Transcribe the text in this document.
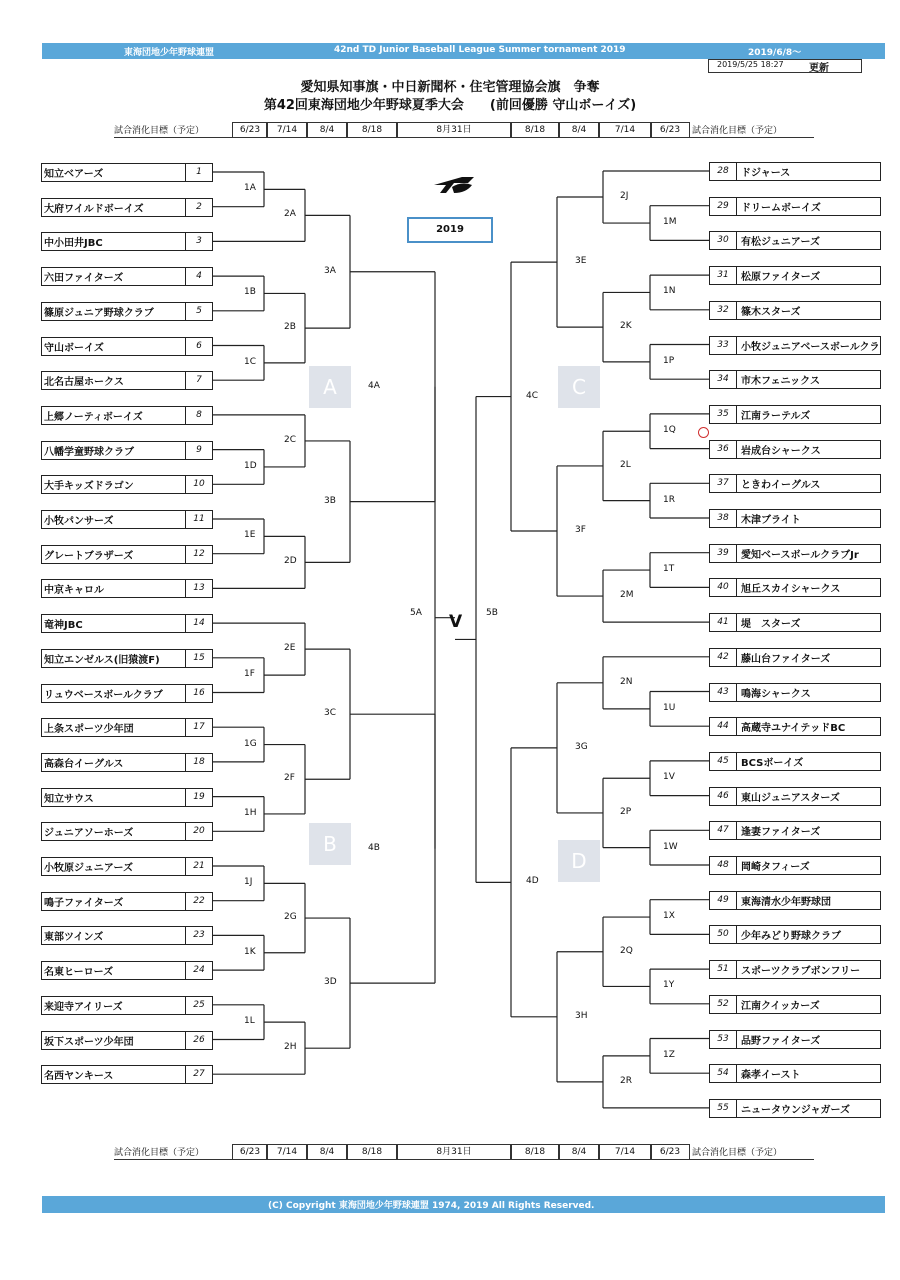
東海団地少年野球連盟	42nd TD Junior Baseball League Summer tornament 2019	2019/6/8～
2019/5/25 18:27	更新
愛知県知事旗・中日新聞杯・住宅管理協会旗　争奪
第42回東海団地少年野球夏季大会　　(前回優勝 守山ボーイズ)
試合消化目標（予定）	6/23	7/14	8/4	8/18	8月31日	8/18	8/4	7/14	6/23	試合消化目標（予定）
2019
A
B
C
D
V
知立ベアーズ	1
大府ワイルドボーイズ	2
中小田井JBC	3
六田ファイターズ	4
篠原ジュニア野球クラブ	5
守山ボーイズ	6
北名古屋ホークス	7
上郷ノーティボーイズ	8
八幡学童野球クラブ	9
大手キッズドラゴン	10
小牧パンサーズ	11
グレートブラザーズ	12
中京キャロル	13
竜神JBC	14
知立エンゼルス(旧猿渡F)	15
リュウベースボールクラブ	16
上条スポーツ少年団	17
高森台イーグルス	18
知立サウス	19
ジュニアソーホーズ	20
小牧原ジュニアーズ	21
鳴子ファイターズ	22
東部ツインズ	23
名東ヒーローズ	24
来迎寺アイリーズ	25
坂下スポーツ少年団	26
名西ヤンキース	27
28	ドジャース
29	ドリームボーイズ
30	有松ジュニアーズ
31	松原ファイターズ
32	篠木スターズ
33	小牧ジュニアベースボールクラ
34	市木フェニックス
35	江南ラーテルズ
36	岩成台シャークス
37	ときわイーグルス
38	木津ブライト
39	愛知ベースボールクラブJr
40	旭丘スカイシャークス
41	堤　スターズ
42	藤山台ファイターズ
43	鳴海シャークス
44	高蔵寺ユナイテッドBC
45	BCSボーイズ
46	東山ジュニアスターズ
47	逢妻ファイターズ
48	岡崎タフィーズ
49	東海清水少年野球団
50	少年みどり野球クラブ
51	スポーツクラブボンフリー
52	江南クイッカーズ
53	品野ファイターズ
54	森孝イースト
55	ニュータウンジャガーズ
1A
2A
1B
1C
2B
3A
1D
2C
1E
2D
3B
4A
1F
2E
1G
1H
2F
3C
1J
1K
2G
1L
2H
3D
4B
5A
1M
2J
1N
1P
2K
3E
1Q
1R
2L
1T
2M
3F
4C
1U
2N
1V
1W
2P
3G
1X
1Y
2Q
1Z
2R
3H
4D
5B
試合消化目標（予定）	6/23	7/14	8/4	8/18	8月31日	8/18	8/4	7/14	6/23	試合消化目標（予定）
(C) Copyright 東海団地少年野球連盟 1974, 2019 All Rights Reserved.
